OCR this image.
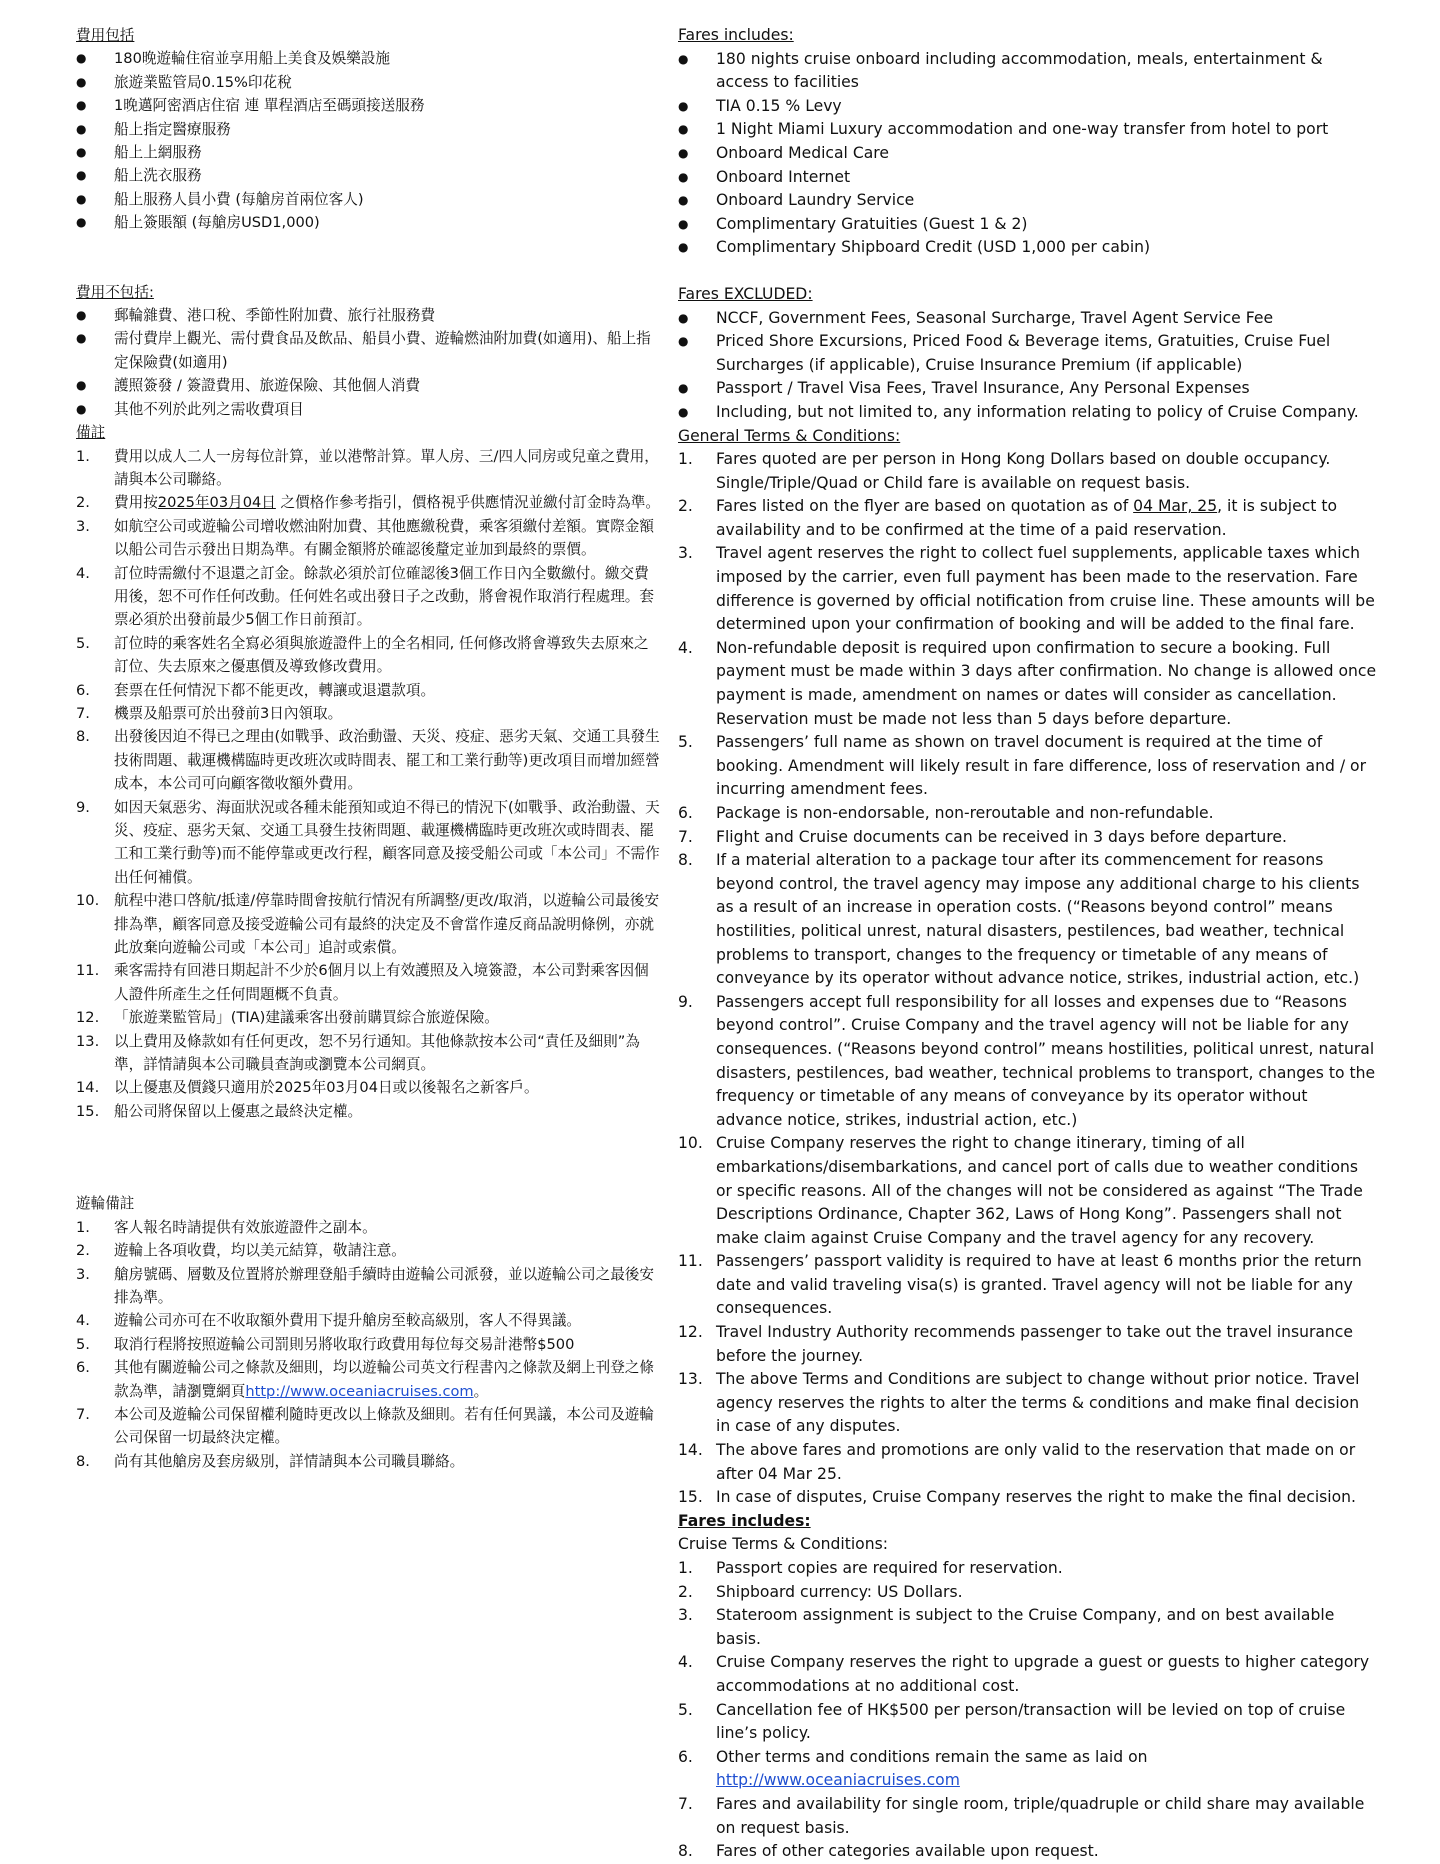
費用包括
● 180晚遊輪住宿並享用船上美食及娛樂設施
● 旅遊業監管局0.15%印花稅
● 1晚邁阿密酒店住宿 連 單程酒店至碼頭接送服務
● 船上指定醫療服務
● 船上上網服務
● 船上洗衣服務
● 船上服務人員小費 (每艙房首兩位客人)
● 船上簽賬額 (每艙房USD1,000)
費用不包括:
● 郵輪雜費、港口稅、季節性附加費、旅行社服務費
● 需付費岸上觀光、需付費食品及飲品、船員小費、遊輪燃油附加費(如適用)、船上指定保險費(如適用)
● 護照簽發 / 簽證費用、旅遊保險、其他個人消費
● 其他不列於此列之需收費項目
備註
1. 費用以成人二人一房每位計算，並以港幣計算。單人房、三/四人同房或兒童之費用，請與本公司聯絡。
2. 費用按2025年03月04日 之價格作參考指引，價格視乎供應情況並繳付訂金時為準。
3. 如航空公司或遊輪公司增收燃油附加費、其他應繳稅費，乘客須繳付差額。實際金額以船公司告示發出日期為準。有關金額將於確認後釐定並加到最終的票價。
4. 訂位時需繳付不退還之訂金。餘款必須於訂位確認後3個工作日內全數繳付。繳交費用後，恕不可作任何改動。任何姓名或出發日子之改動，將會視作取消行程處理。套票必須於出發前最少5個工作日前預訂。
5. 訂位時的乘客姓名全寫必須與旅遊證件上的全名相同, 任何修改將會導致失去原來之訂位、失去原來之優惠價及導致修改費用。
6. 套票在任何情況下都不能更改，轉讓或退還款項。
7. 機票及船票可於出發前3日內領取。
8. 出發後因迫不得已之理由(如戰爭、政治動盪、天災、疫症、惡劣天氣、交通工具發生技術問題、載運機構臨時更改班次或時間表、罷工和工業行動等)更改項目而增加經營成本，本公司可向顧客徵收額外費用。
9. 如因天氣惡劣、海面狀況或各種未能預知或迫不得已的情況下(如戰爭、政治動盪、天災、疫症、惡劣天氣、交通工具發生技術問題、載運機構臨時更改班次或時間表、罷工和工業行動等)而不能停靠或更改行程，顧客同意及接受船公司或「本公司」不需作出任何補償。
10. 航程中港口啓航/抵達/停靠時間會按航行情況有所調整/更改/取消，以遊輪公司最後安排為準，顧客同意及接受遊輪公司有最終的決定及不會當作違反商品說明條例，亦就此放棄向遊輪公司或「本公司」追討或索償。
11. 乘客需持有回港日期起計不少於6個月以上有效護照及入境簽證，本公司對乘客因個人證件所產生之任何問題概不負責。
12. 「旅遊業監管局」(TIA)建議乘客出發前購買綜合旅遊保險。
13. 以上費用及條款如有任何更改，恕不另行通知。其他條款按本公司“責任及細則”為準，詳情請與本公司職員查詢或瀏覽本公司網頁。
14. 以上優惠及價錢只適用於2025年03月04日或以後報名之新客戶。
15. 船公司將保留以上優惠之最終決定權。
遊輪備註
1. 客人報名時請提供有效旅遊證件之副本。
2. 遊輪上各項收費，均以美元結算，敬請注意。
3. 艙房號碼、層數及位置將於辦理登船手續時由遊輪公司派發，並以遊輪公司之最後安排為準。
4. 遊輪公司亦可在不收取額外費用下提升艙房至較高級別，客人不得異議。
5. 取消行程將按照遊輪公司罰則另將收取行政費用每位每交易計港幣$500
6. 其他有關遊輪公司之條款及細則，均以遊輪公司英文行程書內之條款及網上刊登之條款為準，請瀏覽網頁http://www.oceaniacruises.com。
7. 本公司及遊輪公司保留權利隨時更改以上條款及細則。若有任何異議，本公司及遊輪公司保留一切最終決定權。
8. 尚有其他艙房及套房級別，詳情請與本公司職員聯絡。
Fares includes:
● 180 nights cruise onboard including accommodation, meals, entertainment & access to facilities
● TIA 0.15 % Levy
● 1 Night Miami Luxury accommodation and one-way transfer from hotel to port
● Onboard Medical Care
● Onboard Internet
● Onboard Laundry Service
● Complimentary Gratuities (Guest 1 & 2)
● Complimentary Shipboard Credit (USD 1,000 per cabin)
Fares EXCLUDED:
● NCCF, Government Fees, Seasonal Surcharge, Travel Agent Service Fee
● Priced Shore Excursions, Priced Food & Beverage items, Gratuities, Cruise Fuel Surcharges (if applicable), Cruise Insurance Premium (if applicable)
● Passport / Travel Visa Fees, Travel Insurance, Any Personal Expenses
● Including, but not limited to, any information relating to policy of Cruise Company.
General Terms & Conditions:
1. Fares quoted are per person in Hong Kong Dollars based on double occupancy. Single/Triple/Quad or Child fare is available on request basis.
2. Fares listed on the flyer are based on quotation as of 04 Mar, 25, it is subject to availability and to be confirmed at the time of a paid reservation.
3. Travel agent reserves the right to collect fuel supplements, applicable taxes which imposed by the carrier, even full payment has been made to the reservation. Fare difference is governed by official notification from cruise line. These amounts will be determined upon your confirmation of booking and will be added to the final fare.
4. Non-refundable deposit is required upon confirmation to secure a booking. Full payment must be made within 3 days after confirmation. No change is allowed once payment is made, amendment on names or dates will consider as cancellation. Reservation must be made not less than 5 days before departure.
5. Passengers’ full name as shown on travel document is required at the time of booking. Amendment will likely result in fare difference, loss of reservation and / or incurring amendment fees.
6. Package is non-endorsable, non-reroutable and non-refundable.
7. Flight and Cruise documents can be received in 3 days before departure.
8. If a material alteration to a package tour after its commencement for reasons beyond control, the travel agency may impose any additional charge to his clients as a result of an increase in operation costs. (“Reasons beyond control” means hostilities, political unrest, natural disasters, pestilences, bad weather, technical problems to transport, changes to the frequency or timetable of any means of conveyance by its operator without advance notice, strikes, industrial action, etc.)
9. Passengers accept full responsibility for all losses and expenses due to “Reasons beyond control”. Cruise Company and the travel agency will not be liable for any consequences. (“Reasons beyond control” means hostilities, political unrest, natural disasters, pestilences, bad weather, technical problems to transport, changes to the frequency or timetable of any means of conveyance by its operator without advance notice, strikes, industrial action, etc.)
10. Cruise Company reserves the right to change itinerary, timing of all embarkations/disembarkations, and cancel port of calls due to weather conditions or specific reasons. All of the changes will not be considered as against “The Trade Descriptions Ordinance, Chapter 362, Laws of Hong Kong”. Passengers shall not make claim against Cruise Company and the travel agency for any recovery.
11. Passengers’ passport validity is required to have at least 6 months prior the return date and valid traveling visa(s) is granted. Travel agency will not be liable for any consequences.
12. Travel Industry Authority recommends passenger to take out the travel insurance before the journey.
13. The above Terms and Conditions are subject to change without prior notice. Travel agency reserves the rights to alter the terms & conditions and make final decision in case of any disputes.
14. The above fares and promotions are only valid to the reservation that made on or after 04 Mar 25.
15. In case of disputes, Cruise Company reserves the right to make the final decision.
Fares includes:
Cruise Terms & Conditions:
1. Passport copies are required for reservation.
2. Shipboard currency: US Dollars.
3. Stateroom assignment is subject to the Cruise Company, and on best available basis.
4. Cruise Company reserves the right to upgrade a guest or guests to higher category accommodations at no additional cost.
5. Cancellation fee of HK$500 per person/transaction will be levied on top of cruise line’s policy.
6. Other terms and conditions remain the same as laid on http://www.oceaniacruises.com
7. Fares and availability for single room, triple/quadruple or child share may available on request basis.
8. Fares of other categories available upon request.
